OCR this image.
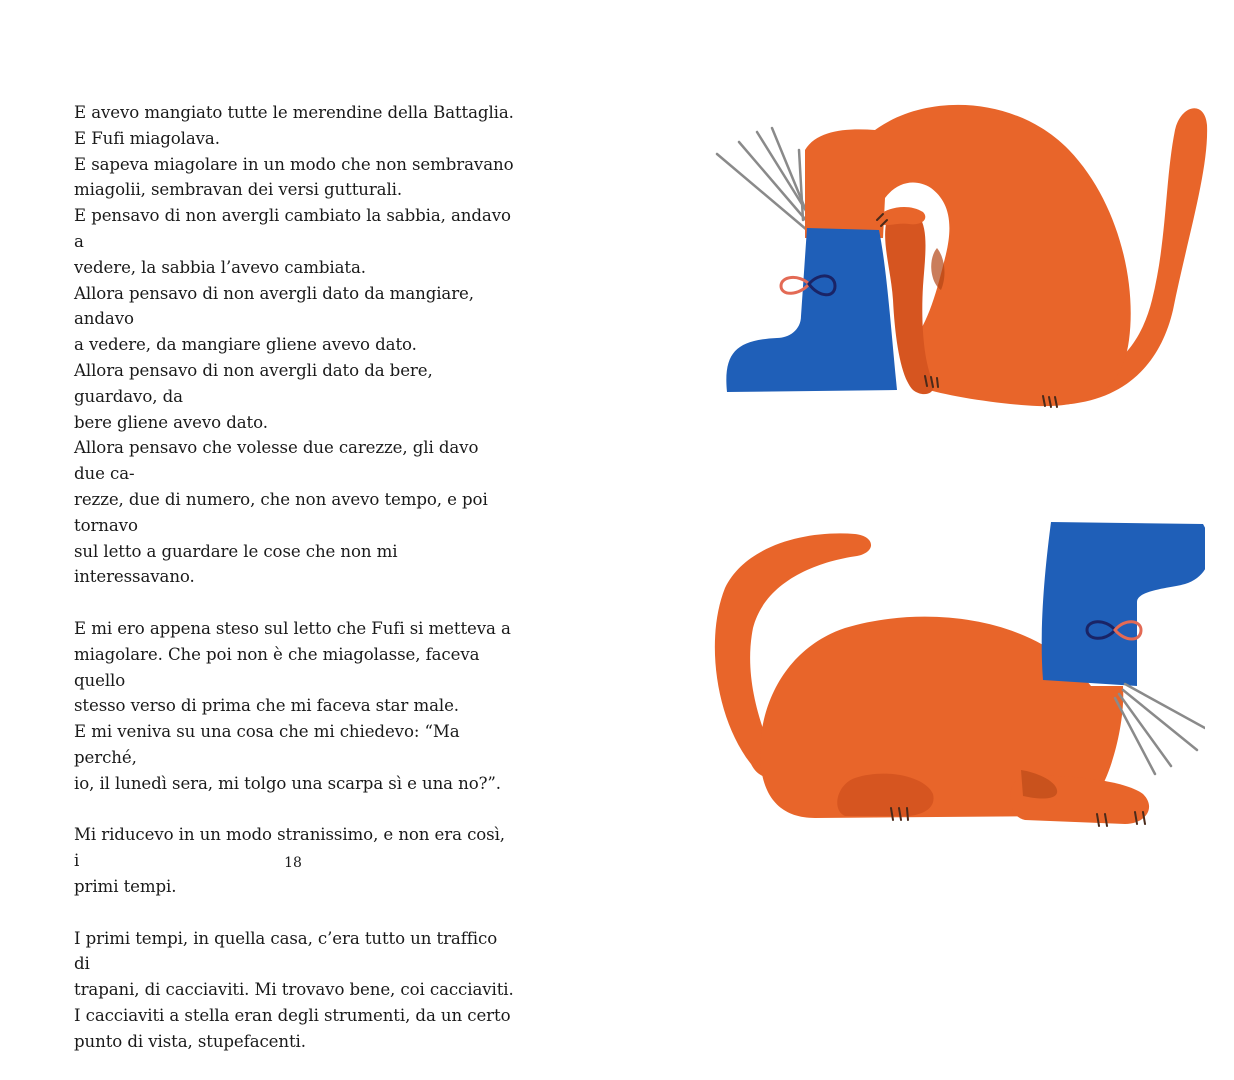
E avevo mangiato tutte le merendine della Battaglia.
E Fufi miagolava.
E sapeva miagolare in un modo che non sembravano
miagolii, sembravan dei versi gutturali.
E pensavo di non avergli cambiato la sabbia, andavo a
vedere, la sabbia l’avevo cambiata.
Allora pensavo di non avergli dato da mangiare, andavo
a vedere, da mangiare gliene avevo dato.
Allora pensavo di non avergli dato da bere, guardavo, da
bere gliene avevo dato.
Allora pensavo che volesse due carezze, gli davo due ca-
rezze, due di numero, che non avevo tempo, e poi tornavo
sul letto a guardare le cose che non mi interessavano.

E mi ero appena steso sul letto che Fufi si metteva a
miagolare. Che poi non è che miagolasse, faceva quello
stesso verso di prima che mi faceva star male.
E mi veniva su una cosa che mi chiedevo: “Ma perché,
io, il lunedì sera, mi tolgo una scarpa sì e una no?”.

Mi riducevo in un modo stranissimo, e non era così, i
primi tempi.

I primi tempi, in quella casa, c’era tutto un traffico di
trapani, di cacciaviti. Mi trovavo bene, coi cacciaviti.
I cacciaviti a stella eran degli strumenti, da un certo
punto di vista, stupefacenti.

18
